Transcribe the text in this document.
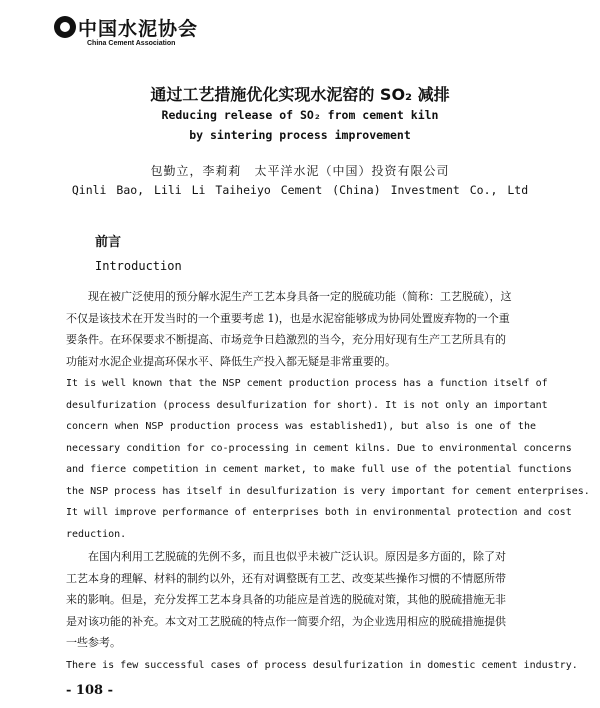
中国水泥协会
China Cement Association
通过工艺措施优化实现水泥窑的 SO₂ 减排
Reducing release of SO₂ from cement kiln
by sintering process improvement
包勤立，李莉莉　太平洋水泥（中国）投资有限公司
Qinli Bao, Lili Li Taiheiyo Cement (China) Investment Co., Ltd
前言
Introduction
　　现在被广泛使用的预分解水泥生产工艺本身具备一定的脱硫功能（简称：工艺脱硫），这
不仅是该技术在开发当时的一个重要考虑 1)，也是水泥窑能够成为协同处置废弃物的一个重
要条件。在环保要求不断提高、市场竞争日趋激烈的当今，充分用好现有生产工艺所具有的
功能对水泥企业提高环保水平、降低生产投入都无疑是非常重要的。
It is well known that the NSP cement production process has a function itself of
desulfurization (process desulfurization for short). It is not only an important
concern when NSP production process was established1), but also is one of the
necessary condition for co-processing in cement kilns. Due to environmental concerns
and fierce competition in cement market, to make full use of the potential functions
the NSP process has itself in desulfurization is very important for cement enterprises.
It will improve performance of enterprises both in environmental protection and cost
reduction.
　　在国内利用工艺脱硫的先例不多，而且也似乎未被广泛认识。原因是多方面的，除了对
工艺本身的理解、材料的制约以外，还有对调整既有工艺、改变某些操作习惯的不情愿所带
来的影响。但是，充分发挥工艺本身具备的功能应是首选的脱硫对策，其他的脱硫措施无非
是对该功能的补充。本文对工艺脱硫的特点作一简要介绍，为企业选用相应的脱硫措施提供
一些参考。
There is few successful cases of process desulfurization in domestic cement industry.
- 108 -
